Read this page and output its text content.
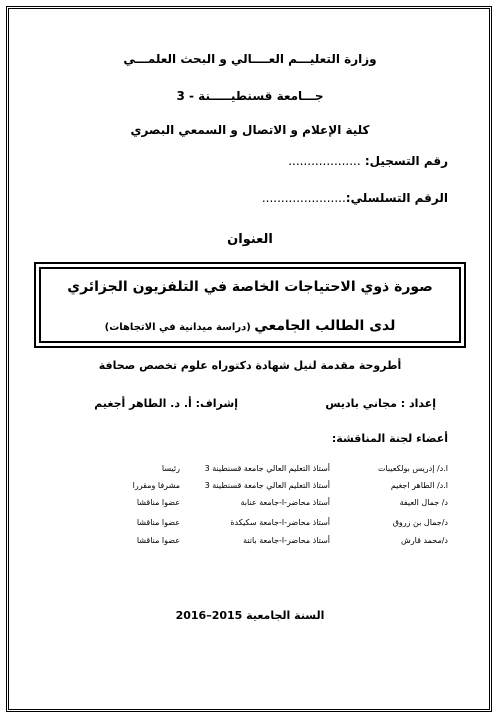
وزارة التعليـــم العــــالي و البحث العلمـــي
جـــامعة قسنطيـــــنة - 3
كلية الإعلام و الاتصال و السمعي البصري
رقم التسجيل: ...................
الرقم التسلسلي:......................
العنوان
صورة ذوي الاحتياجات الخاصة في التلفزيون الجزائري
لدى الطالب الجامعي (دراسة ميدانية في الاتجاهات)
أطروحة مقدمة لنيل شهادة دكتوراه علوم تخصص صحافة
إعداد : مجاني باديس
إشراف: أ. د. الطاهر أجغيم
أعضاء لجنة المناقشة:
ا.د/ إدريس بولكعيبات
أستاذ التعليم العالي جامعة قسنطينة 3
رئيسا
ا.د/ الطاهر اجغيم
أستاذ التعليم العالي جامعة قسنطينة 3
مشرفا ومقررا
د/ جمال العيفة
أستاذ محاضر-ا-جامعة عنابة
عضوا مناقشا
د/جمال بن زروق
أستاذ محاضر-ا-جامعة سكيكدة
عضوا مناقشا
د/محمد قارش
أستاذ محاضر-ا-جامعة باتنة
عضوا مناقشا
السنة الجامعية 2015–2016
